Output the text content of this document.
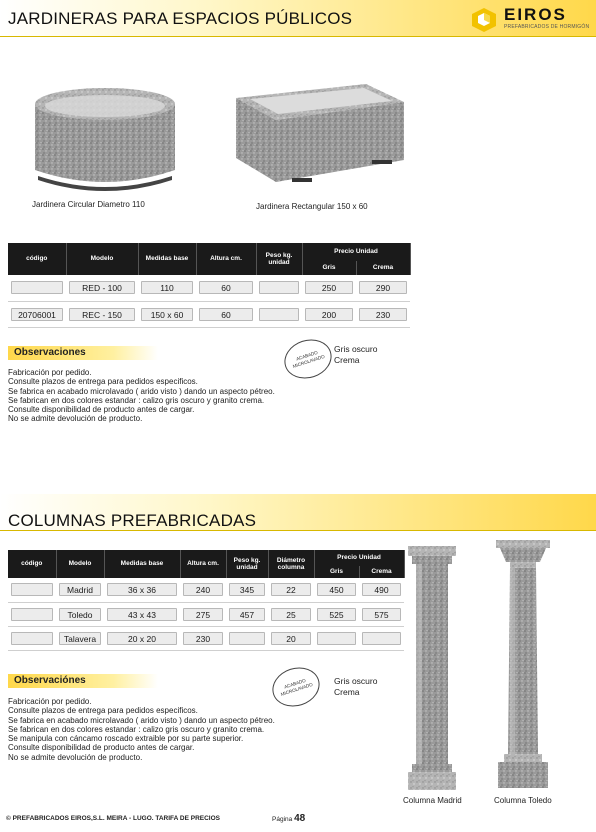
JARDINERAS PARA ESPACIOS PÚBLICOS	EIROS
PREFABRICADOS DE HORMIGÓN
Jardinera Circular Diametro 110	Jardinera Rectangular 150 x 60
código	Modelo	Medidas base	Altura cm.	Peso kg. unidad	Precio Unidad	
					Gris	Crema

	RED - 100	110	60		250	290

20706001	REC - 150	150 x 60	60		200	230
Observaciones
Fabricación por pedido.
Consulte plazos de entrega para pedidos especificos.
Se fabrica en acabado microlavado ( arido visto ) dando un aspecto pétreo.
Se fabrican en dos colores estandar : calizo gris oscuro y granito crema.
Consulte disponibilidad de producto antes de cargar.
No se admite devolución de producto.
ACABADO MICROLAVADO
Gris oscuro
Crema
COLUMNAS PREFABRICADAS
código	Modelo	Medidas base	Altura cm.	Peso kg. unidad	Diámetro columna	Precio Unidad	
						Gris	Crema

	Madrid	36 x 36	240	345	22	450	490

	Toledo	43 x 43	275	457	25	525	575

	Talavera	20 x 20	230		20		

Observaciónes
Fabricación por pedido.
Consulte plazos de entrega para pedidos especificos.
Se fabrica en acabado microlavado ( arido visto ) dando un aspecto pétreo.
Se fabrican en dos colores estandar : calizo gris oscuro y granito crema.
Se manipula con cáncamo roscado extraible por su parte superior.
Consulte disponibilidad de producto antes de cargar.
No se admite devolución de producto.
ACABADO MICROLAVADO
Gris oscuro
Crema
Columna Madrid	Columna Toledo
© PREFABRICADOS EIROS,S.L. MEIRA - LUGO. TARIFA DE PRECIOS	Página 48
